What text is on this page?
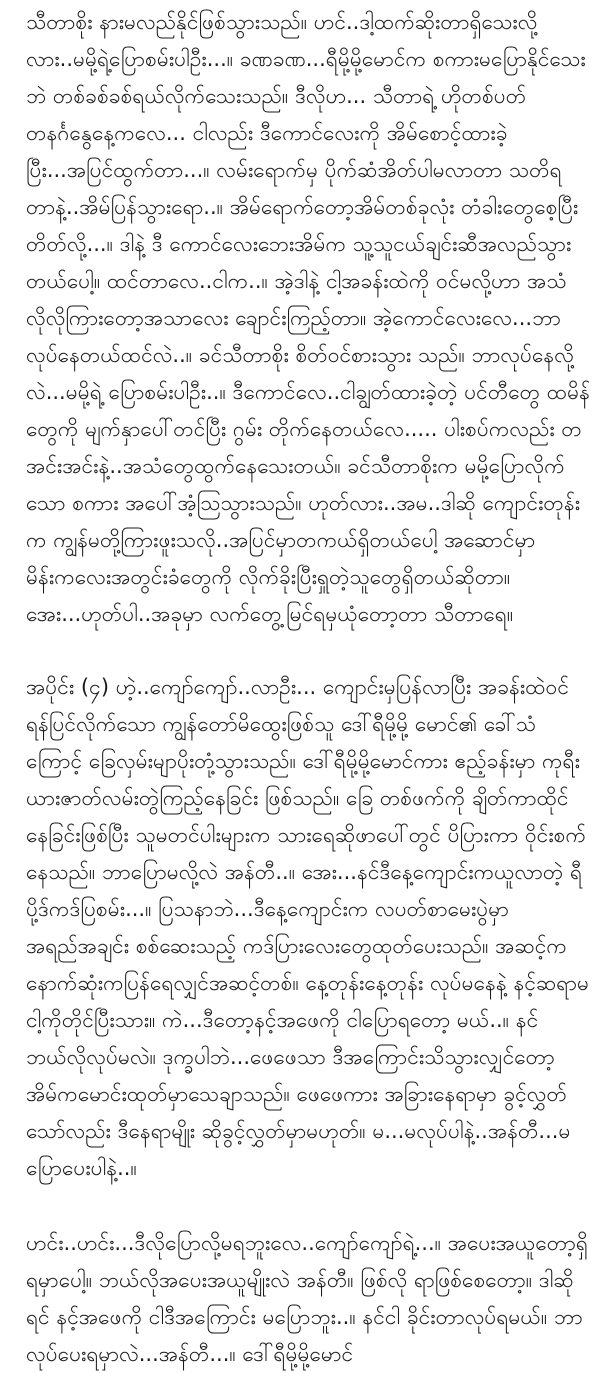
သီတာစိုး နားမလည်နိုင်ဖြစ်သွားသည်။ ဟင်..ဒါ့ထက်ဆိုးတာရှိသေးလို့လား..မမို့ရဲ့ပြောစမ်းပါဦး...။ ခဏခဏ...ရီမို့မို့မောင်က စကားမပြောနိုင်သေးဘဲ တစ်ခစ်ခစ်ရယ်လိုက်သေးသည်။ ဒီလိုဟ... သီတာရဲ့ ဟိုတစ်ပတ်တနင်္ဂနွေနေ့ကလေ... ငါလည်း ဒီကောင်လေးကို အိမ်စောင့်ထားခဲ့ပြီး...အပြင်ထွက်တာ...။ လမ်းရောက်မှ ပိုက်ဆံအိတ်ပါမလာတာ သတိရတာနဲ့..အိမ်ပြန်သွားရော..။ အိမ်ရောက်တော့အိမ်တစ်ခုလုံး တံခါးတွေစေ့ပြီး တိတ်လို့...။ ဒါနဲ့ ဒီ ကောင်လေးဘေးအိမ်က သူ့သူငယ်ချင်းဆီအလည်သွားတယ်ပေါ့။ ထင်တာလေ..ငါက..။ အဲ့ဒါနဲ့ ငါ့အခန်းထဲကို ဝင်မလို့ဟာ အသံ လိုလိုကြားတော့အသာလေး ချောင်းကြည့်တာ။ အဲ့ကောင်လေးလေ...ဘာလုပ်နေတယ်ထင်လဲ..။ ခင်သီတာစိုး စိတ်ဝင်စားသွား သည်။ ဘာလုပ်နေလို့လဲ...မမို့ရဲ့ ပြောစမ်းပါဦး..။ ဒီကောင်လေ..ငါချွတ်ထားခဲ့တဲ့ ပင်တီတွေ ထမိန်တွေကို မျက်နှာပေါ်တင်ပြီး ဂွမ်း တိုက်နေတယ်လေ..... ပါးစပ်ကလည်း တအင်းအင်းနဲ့..အသံတွေထွက်နေသေးတယ်။ ခင်သီတာစိုးက မမို့ပြောလိုက်သော စကား အပေါ်အံ့သြသွားသည်။ ဟုတ်လား..အမ..ဒါဆို ကျောင်းတုန်းက ကျွန်မတို့ကြားဖူးသလို..အပြင်မှာတကယ်ရှိတယ်ပေါ့ အဆောင်မှာ မိန်းကလေးအတွင်းခံတွေကို လိုက်ခိုးပြီးရှူတဲ့သူတွေရှိတယ်ဆိုတာ။ အေး...ဟုတ်ပါ..အခုမှာ လက်တွေ့မြင်ရမှယုံတော့တာ သီတာရေ။

အပိုင်း (၄) ဟဲ့..ကျော်ကျော်..လာဦး... ကျောင်းမှပြန်လာပြီး အခန်းထဲဝင်ရန်ပြင်လိုက်သော ကျွန်တော်မိထွေးဖြစ်သူ ဒေါ်ရီမို့မို့ မောင်၏ ခေါ်သံကြောင့် ခြေလှမ်းမျာပိုးတုံ့သွားသည်။ ဒေါ်ရီမို့မို့မောင်ကား ဧည့်ခန်းမှာ ကုရီးယားဇာတ်လမ်းတွဲကြည့်နေခြင်း ဖြစ်သည်။ ခြေ တစ်ဖက်ကို ချိတ်ကာထိုင်နေခြင်းဖြစ်ပြီး သူမတင်ပါးများက သားရေဆိုဖာပေါ်တွင် ပိပြားကာ ဝိုင်းစက်နေသည်။ ဘာပြောမလို့လဲ အန်တီ..။ အေး...နင်ဒီနေ့ကျောင်းကယူလာတဲ့ ရီပို့ဒ်ကဒ်ပြစမ်း...။ ပြသနာဘဲ...ဒီနေ့ကျောင်းက လပတ်စာမေးပွဲမှာ အရည်အချင်း စစ်ဆေးသည့် ကဒ်ပြားလေးတွေထုတ်ပေးသည်။ အဆင့်က နောက်ဆုံးကပြန်ရေလျှင်အဆင့်တစ်။ နေ့တုန်းနေ့တုန်း လုပ်မနေနဲ့ နင့်ဆရာမငါ့ကိုတိုင်ပြီးသား။ ကဲ...ဒီတော့နင့်အဖေကို ငါပြောရတော့ မယ်..။ နင်ဘယ်လိုလုပ်မလဲ။ ဒုက္ခပါဘဲ...ဖေဖေသာ ဒီအကြောင်းသိသွားလျှင်တော့ အိမ်ကမောင်းထုတ်မှာသေချာသည်။ ဖေဖေကား အခြားနေရာမှာ ခွင့်လွှတ်သော်လည်း ဒီနေရာမျိုး ဆိုခွင့်လွှတ်မှာမဟုတ်။ မ...မလုပ်ပါနဲ့..အန်တီ...မပြောပေးပါနဲ့..။

ဟင်း..ဟင်း...ဒီလိုပြောလို့မရဘူးလေ..ကျော်ကျော်ရဲ့...။ အပေးအယူတော့ရှိရမှာပေါ့။ ဘယ်လိုအပေးအယူမျိုးလဲ အန်တီ။ ဖြစ်လို ရာဖြစ်စေတော့။ ဒါဆိုရင် နင့်အဖေကို ငါဒီအကြောင်း မပြောဘူး..။ နင်ငါ ခိုင်းတာလုပ်ရမယ်။ ဘာလုပ်ပေးရမှာလဲ...အန်တီ...။ ဒေါ်ရီမို့မို့မောင်
